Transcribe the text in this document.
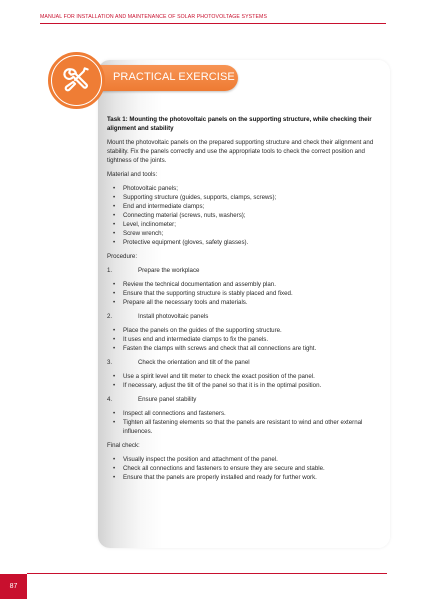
MANUAL FOR INSTALLATION AND MAINTENANCE OF SOLAR PHOTOVOLTAGE SYSTEMS
PRACTICAL EXERCISE

Task 1: Mounting the photovoltaic panels on the supporting structure, while checking their alignment and stability

Mount the photovoltaic panels on the prepared supporting structure and check their alignment and stability. Fix the panels correctly and use the appropriate tools to check the correct position and tightness of the joints.

Material and tools:

• Photovoltaic panels;
• Supporting structure (guides, supports, clamps, screws);
• End and intermediate clamps;
• Connecting material (screws, nuts, washers);
• Level, inclinometer;
• Screw wrench;
• Protective equipment (gloves, safety glasses).

Procedure:

1.	Prepare the workplace
• Review the technical documentation and assembly plan.
• Ensure that the supporting structure is stably placed and fixed.
• Prepare all the necessary tools and materials.
2.	Install photovoltaic panels
• Place the panels on the guides of the supporting structure.
• It uses end and intermediate clamps to fix the panels.
• Fasten the clamps with screws and check that all connections are tight.
3.	Check the orientation and tilt of the panel
• Use a spirit level and tilt meter to check the exact position of the panel.
• If necessary, adjust the tilt of the panel so that it is in the optimal position.
4.	Ensure panel stability
• Inspect all connections and fasteners.
• Tighten all fastening elements so that the panels are resistant to wind and other external influences.

Final check:

• Visually inspect the position and attachment of the panel.
• Check all connections and fasteners to ensure they are secure and stable.
• Ensure that the panels are properly installed and ready for further work.
87
